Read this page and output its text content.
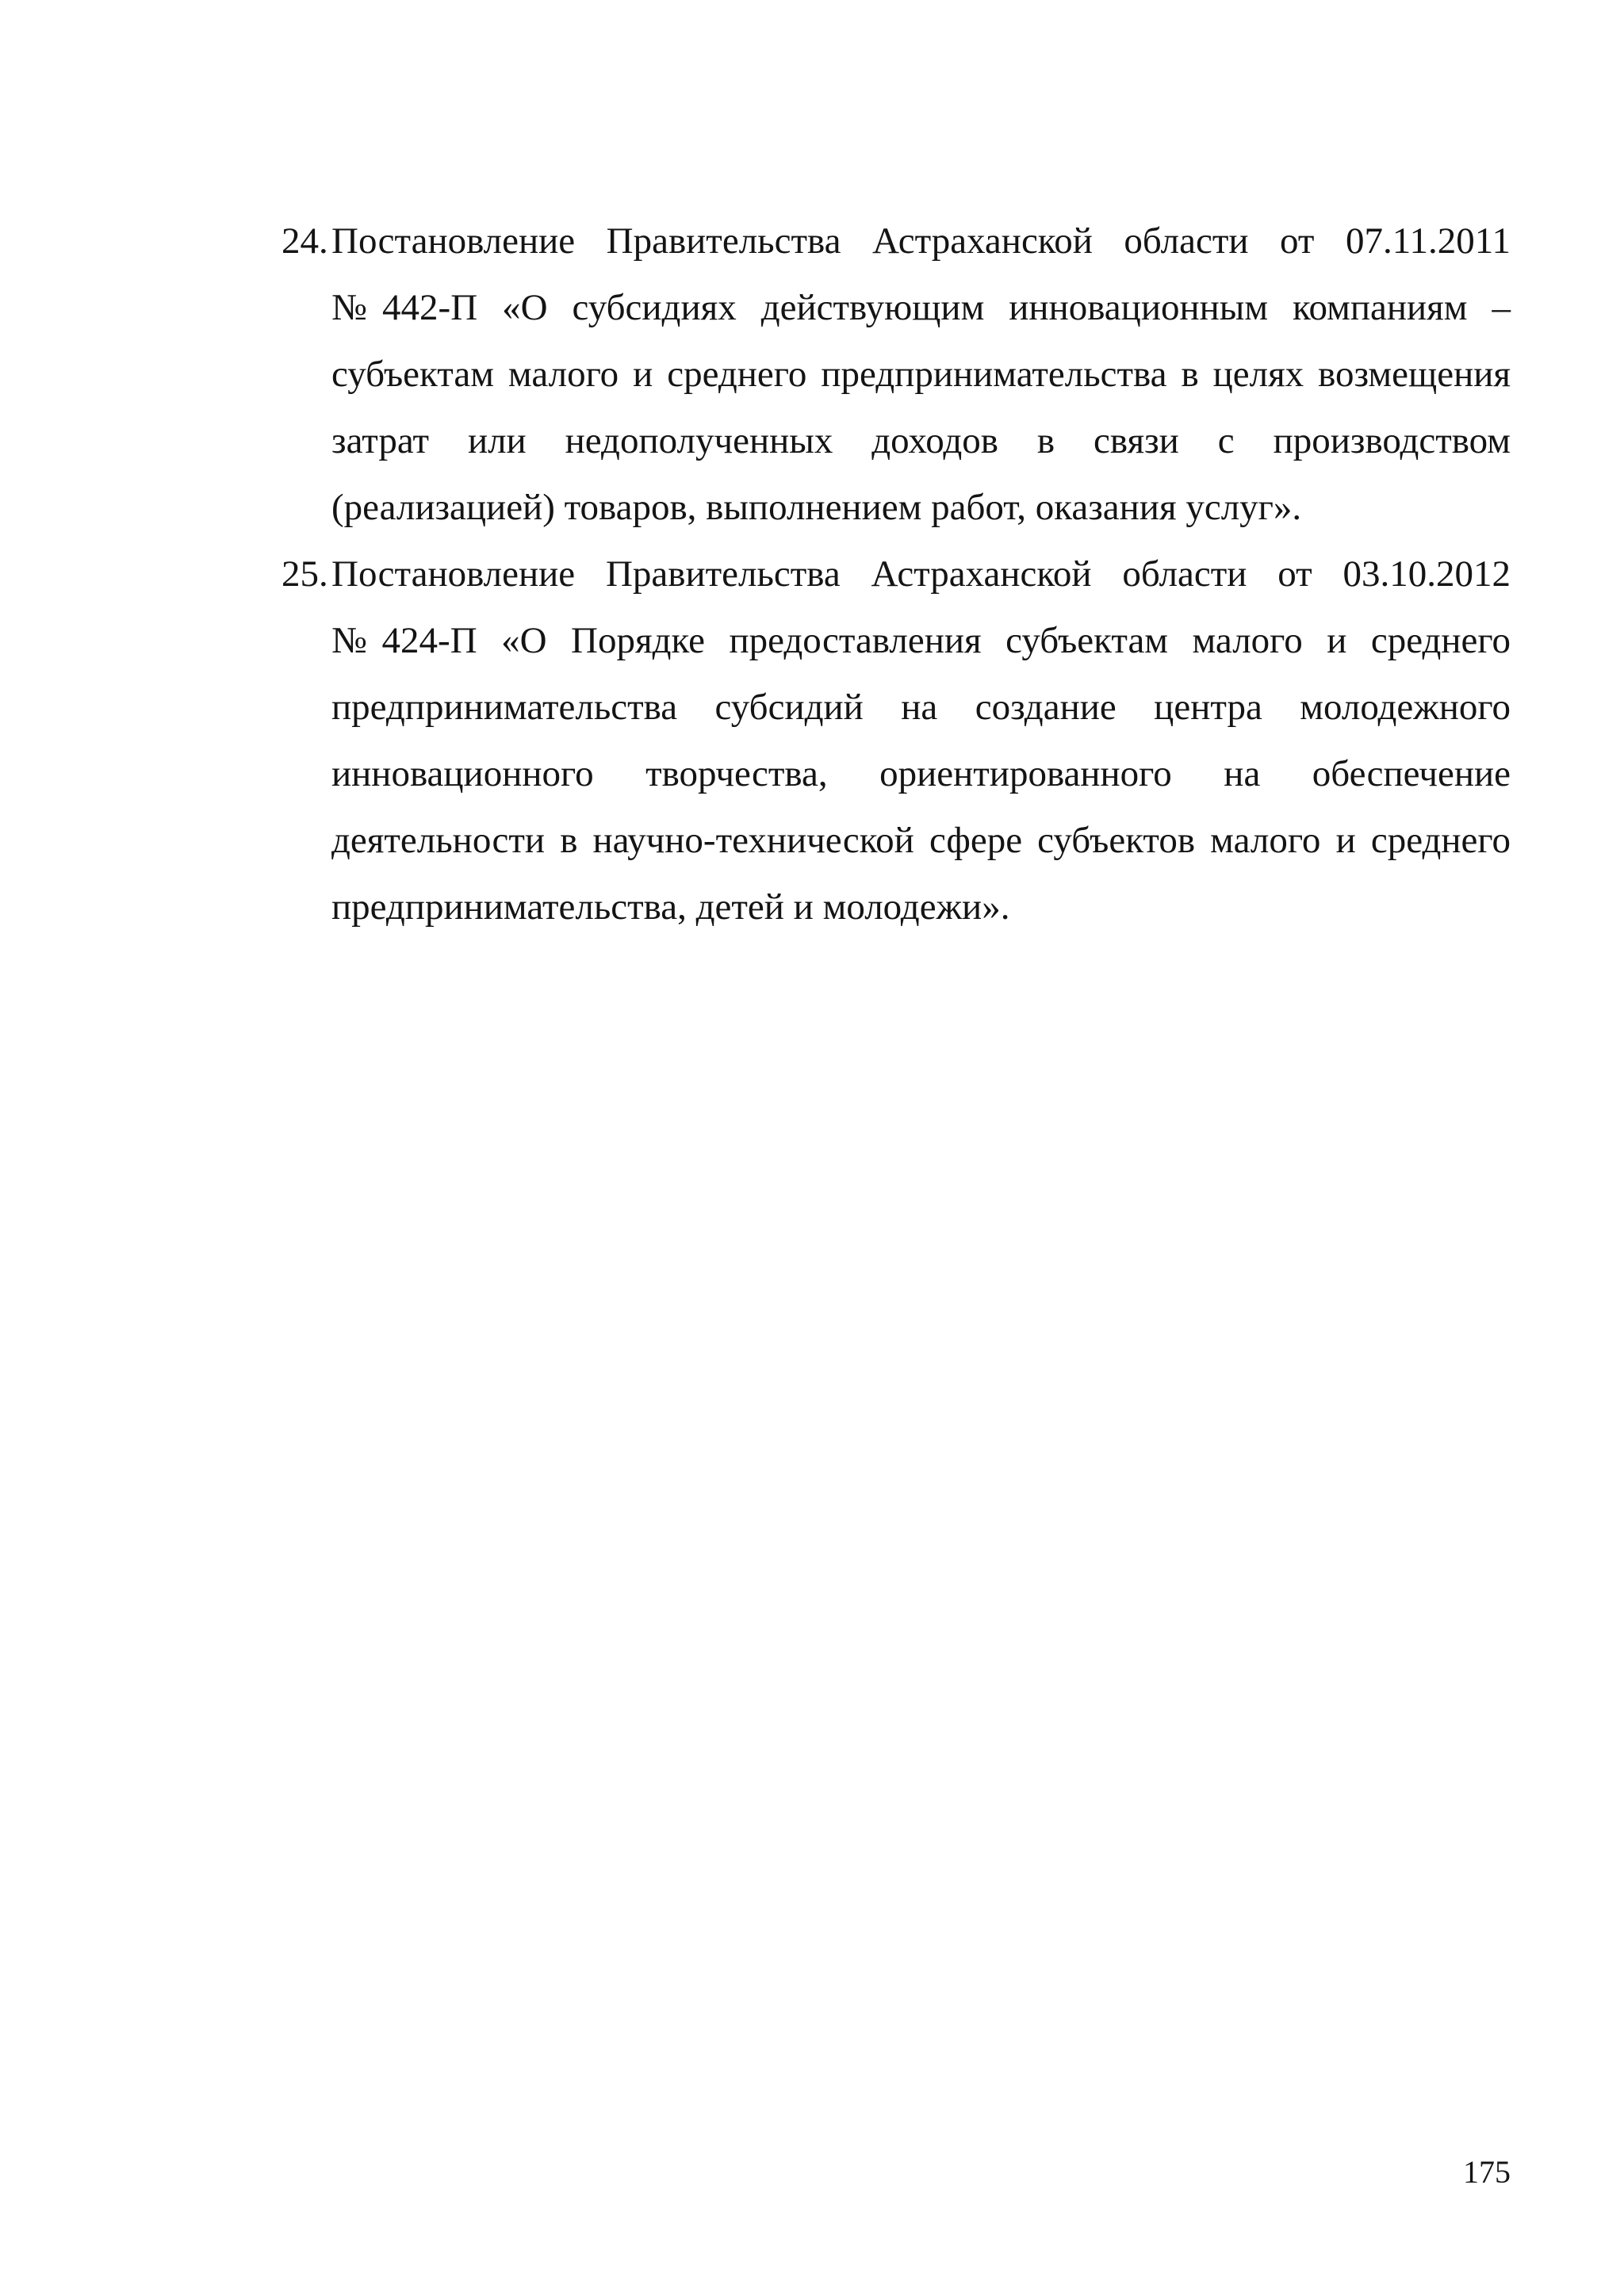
24. Постановление Правительства Астраханской области от 07.11.2011 №442-П «О субсидиях действующим инновационным компаниям – субъектам малого и среднего предпринимательства в целях возмещения затрат или недополученных доходов в связи с производством (реализацией) товаров, выполнением работ, оказания услуг».
25. Постановление Правительства Астраханской области от 03.10.2012 №424-П «О Порядке предоставления субъектам малого и среднего предпринимательства субсидий на создание центра молодежного инновационного творчества, ориентированного на обеспечение деятельности в научно-технической сфере субъектов малого и среднего предпринимательства, детей и молодежи».
175
